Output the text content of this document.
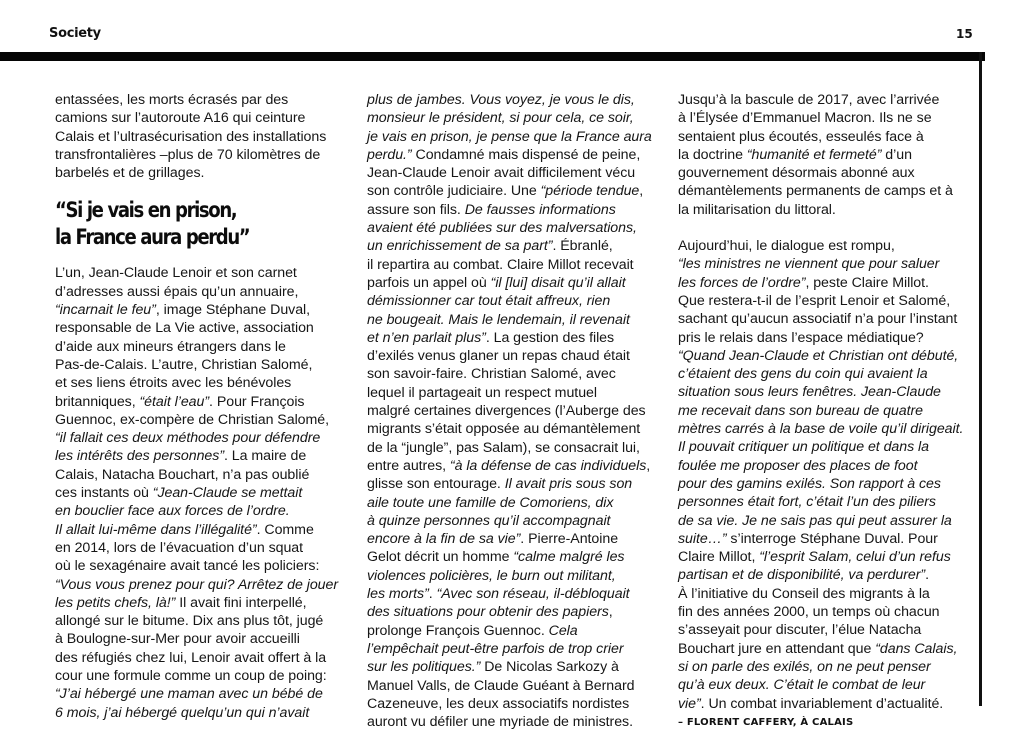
Society	15

entassées, les morts écrasés par des
camions sur l’autoroute A16 qui ceinture
Calais et l’ultrasécurisation des installations
transfrontalières –plus de 70 kilomètres de
barbelés et de grillages.

“Si je vais en prison,
la France aura perdu”

L’un, Jean-Claude Lenoir et son carnet
d’adresses aussi épais qu’un annuaire,
“incarnait le feu”, image Stéphane Duval,
responsable de La Vie active, association
d’aide aux mineurs étrangers dans le
Pas-de-Calais. L’autre, Christian Salomé,
et ses liens étroits avec les bénévoles
britanniques, “était l’eau”. Pour François
Guennoc, ex-compère de Christian Salomé,
“il fallait ces deux méthodes pour défendre
les intérêts des personnes”. La maire de
Calais, Natacha Bouchart, n’a pas oublié
ces instants où “Jean-Claude se mettait
en bouclier face aux forces de l’ordre.
Il allait lui-même dans l’illégalité”. Comme
en 2014, lors de l’évacuation d’un squat
où le sexagénaire avait tancé les policiers:
“Vous vous prenez pour qui? Arrêtez de jouer
les petits chefs, là!” Il avait fini interpellé,
allongé sur le bitume. Dix ans plus tôt, jugé
à Boulogne-sur-Mer pour avoir accueilli
des réfugiés chez lui, Lenoir avait offert à la
cour une formule comme un coup de poing:
“J’ai hébergé une maman avec un bébé de
6 mois, j’ai hébergé quelqu’un qui n’avait

plus de jambes. Vous voyez, je vous le dis,
monsieur le président, si pour cela, ce soir,
je vais en prison, je pense que la France aura
perdu.” Condamné mais dispensé de peine,
Jean-Claude Lenoir avait difficilement vécu
son contrôle judiciaire. Une “période tendue,
assure son fils. De fausses informations
avaient été publiées sur des malversations,
un enrichissement de sa part”. Ébranlé,
il repartira au combat. Claire Millot recevait
parfois un appel où “il [lui] disait qu’il allait
démissionner car tout était affreux, rien
ne bougeait. Mais le lendemain, il revenait
et n’en parlait plus”. La gestion des files
d’exilés venus glaner un repas chaud était
son savoir-faire. Christian Salomé, avec
lequel il partageait un respect mutuel
malgré certaines divergences (l’Auberge des
migrants s’était opposée au démantèlement
de la “jungle”, pas Salam), se consacrait lui,
entre autres, “à la défense de cas individuels,
glisse son entourage. Il avait pris sous son
aile toute une famille de Comoriens, dix
à quinze personnes qu’il accompagnait
encore à la fin de sa vie”. Pierre-Antoine
Gelot décrit un homme “calme malgré les
violences policières, le burn out militant,
les morts”. “Avec son réseau, il-débloquait
des situations pour obtenir des papiers,
prolonge François Guennoc. Cela
l’empêchait peut-être parfois de trop crier
sur les politiques.” De Nicolas Sarkozy à
Manuel Valls, de Claude Guéant à Bernard
Cazeneuve, les deux associatifs nordistes
auront vu défiler une myriade de ministres.

Jusqu’à la bascule de 2017, avec l’arrivée
à l’Élysée d’Emmanuel Macron. Ils ne se
sentaient plus écoutés, esseulés face à
la doctrine “humanité et fermeté” d’un
gouvernement désormais abonné aux
démantèlements permanents de camps et à
la militarisation du littoral.

Aujourd’hui, le dialogue est rompu,
“les ministres ne viennent que pour saluer
les forces de l’ordre”, peste Claire Millot.
Que restera-t-il de l’esprit Lenoir et Salomé,
sachant qu’aucun associatif n’a pour l’instant
pris le relais dans l’espace médiatique?
“Quand Jean-Claude et Christian ont débuté,
c’étaient des gens du coin qui avaient la
situation sous leurs fenêtres. Jean-Claude
me recevait dans son bureau de quatre
mètres carrés à la base de voile qu’il dirigeait.
Il pouvait critiquer un politique et dans la
foulée me proposer des places de foot
pour des gamins exilés. Son rapport à ces
personnes était fort, c’était l’un des piliers
de sa vie. Je ne sais pas qui peut assurer la
suite…” s’interroge Stéphane Duval. Pour
Claire Millot, “l’esprit Salam, celui d’un refus
partisan et de disponibilité, va perdurer”.
À l’initiative du Conseil des migrants à la
fin des années 2000, un temps où chacun
s’asseyait pour discuter, l’élue Natacha
Bouchart jure en attendant que “dans Calais,
si on parle des exilés, on ne peut penser
qu’à eux deux. C’était le combat de leur
vie”. Un combat invariablement d’actualité.

– FLORENT CAFFERY, À CALAIS
